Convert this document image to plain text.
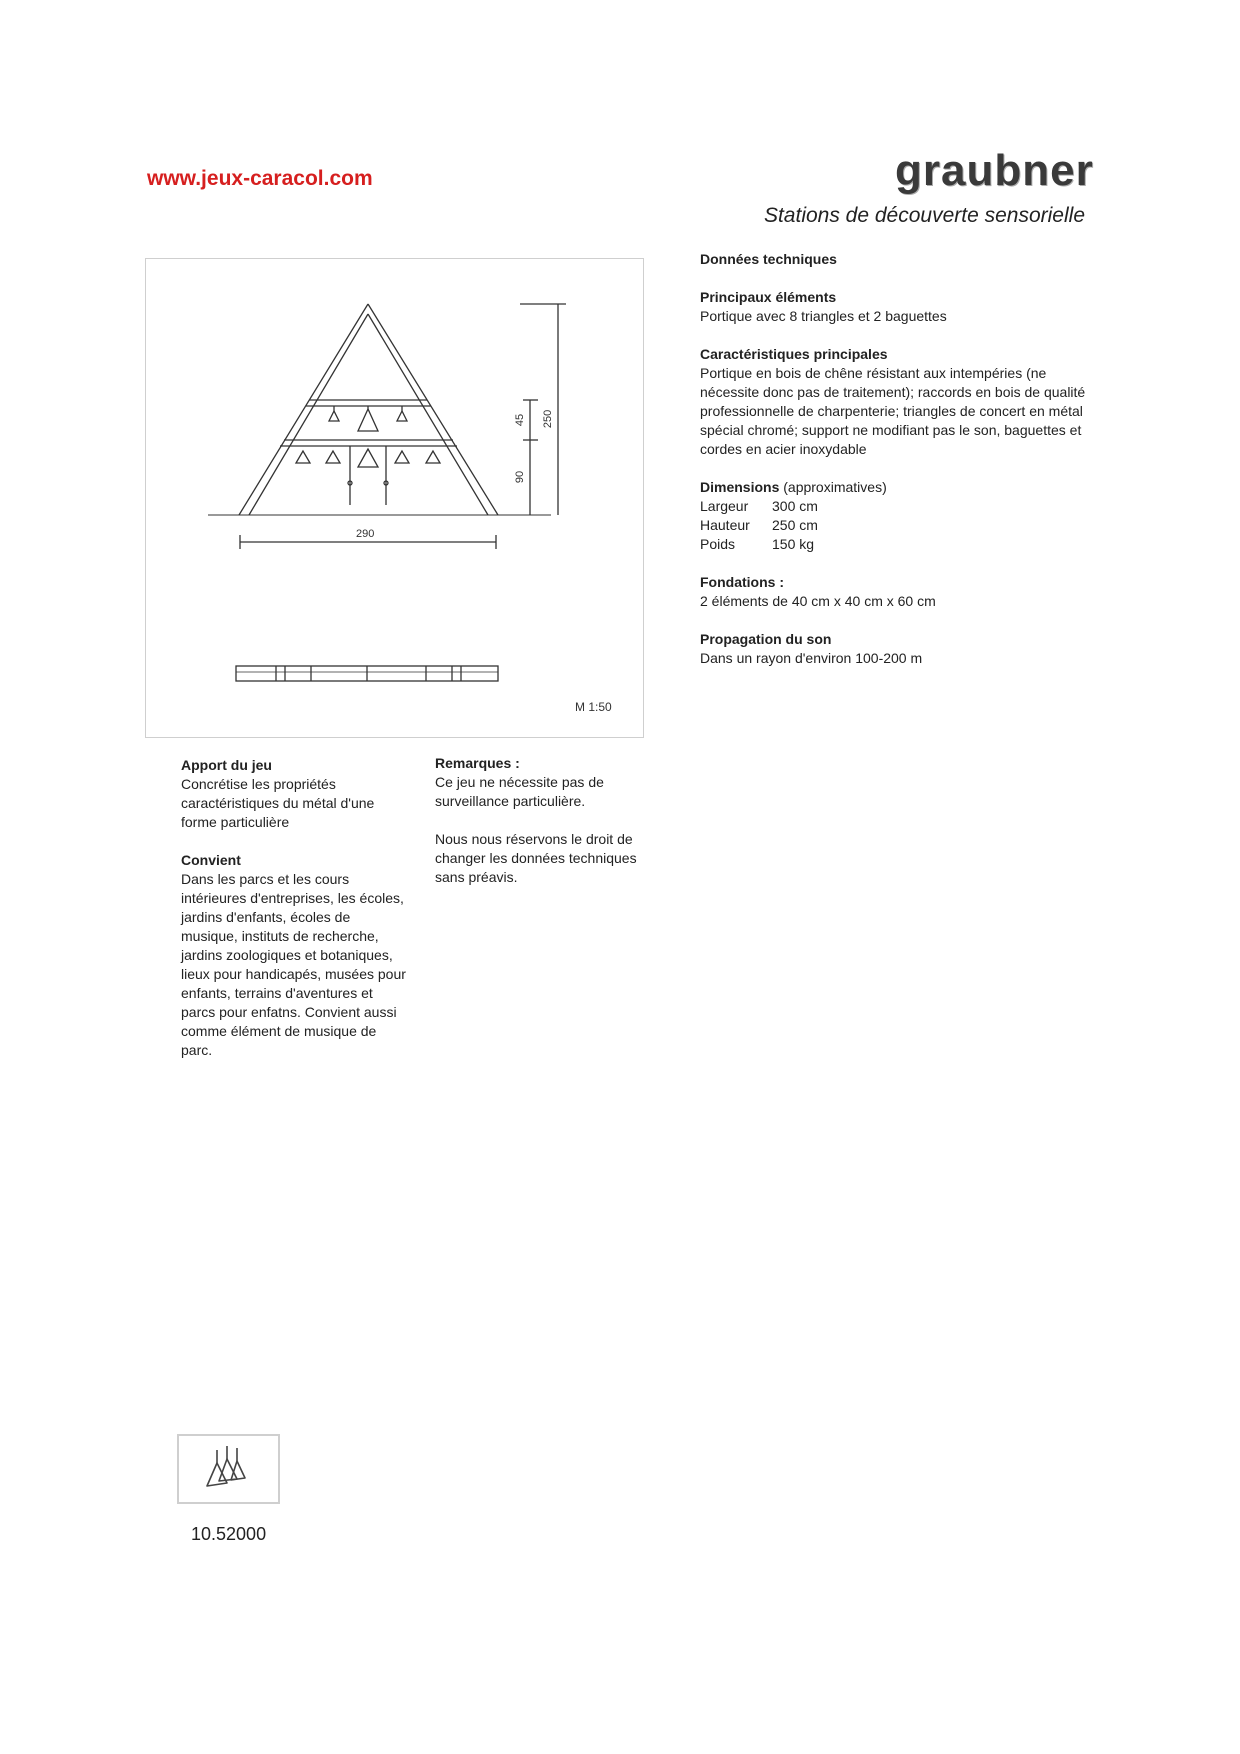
www.jeux-caracol.com	graubner
Stations de découverte sensorielle
290
250
45
90
M 1:50

Données techniques

Principaux éléments
Portique avec 8 triangles et 2 baguettes

Caractéristiques principales
Portique en bois de chêne résistant aux intempéries (ne nécessite donc pas de traitement); raccords en bois de qualité professionnelle de charpenterie; triangles de concert en métal spécial chromé; support ne modifiant pas le son, baguettes et cordes en acier inoxydable

Dimensions (approximatives)
Largeur	300 cm
Hauteur	250 cm
Poids	150 kg

Fondations :
2 éléments de 40 cm x 40 cm x 60 cm

Propagation du son
Dans un rayon d'environ 100-200 m

Apport du jeu
Concrétise les propriétés caractéristiques du métal d'une forme particulière

Convient
Dans les parcs et les cours intérieures d'entreprises, les écoles, jardins d'enfants, écoles de musique, instituts de recherche, jardins zoologiques et botaniques, lieux pour handicapés, musées pour enfants, terrains d'aventures et parcs pour enfatns. Convient aussi comme élément de musique de parc.

Remarques :
Ce jeu ne nécessite pas de surveillance particulière.

Nous nous réservons le droit de changer les données techniques sans préavis.

10.52000
